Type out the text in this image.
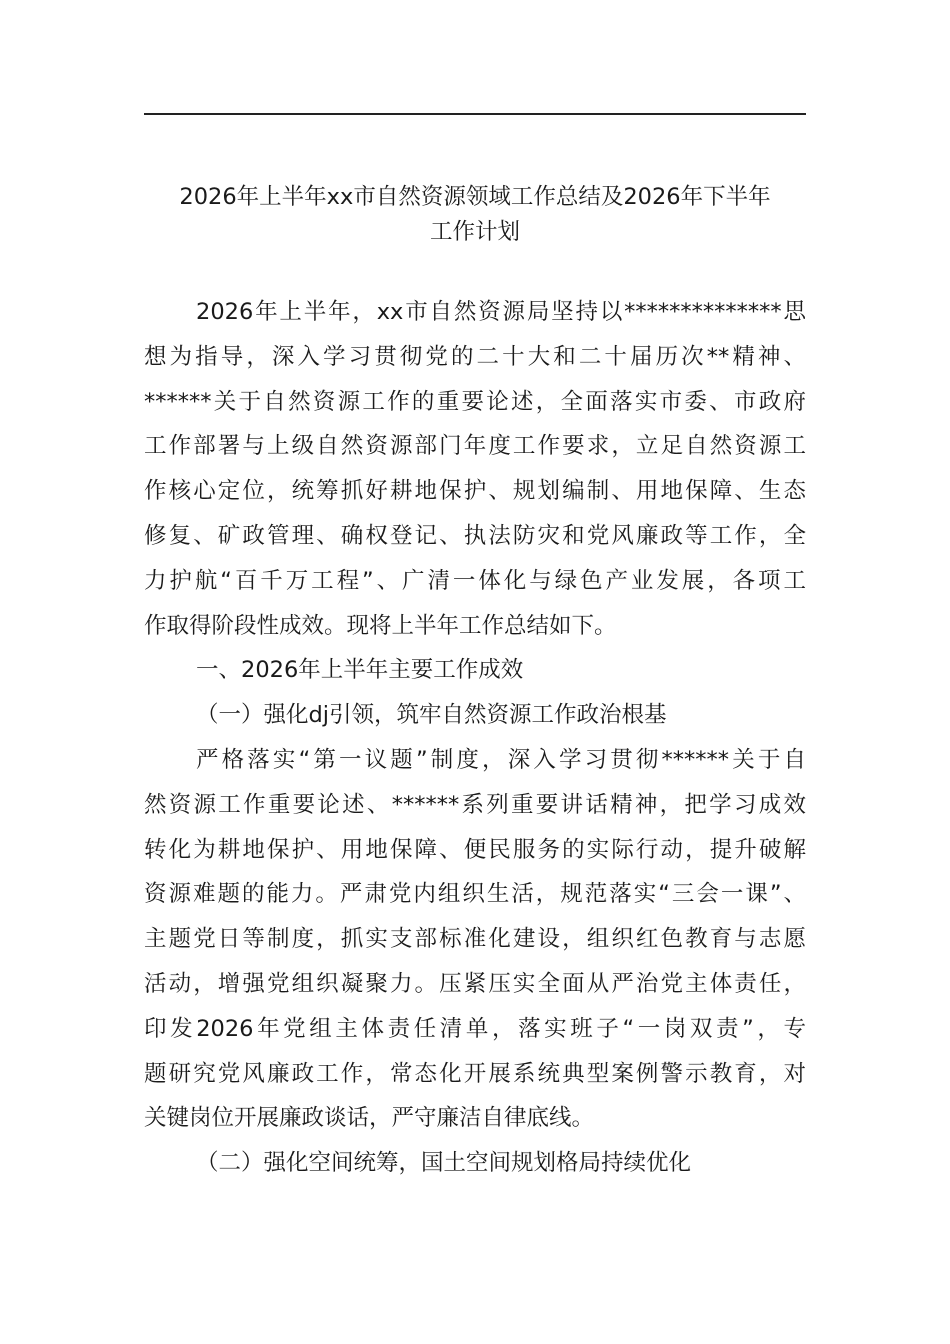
2026年上半年xx市自然资源领域工作总结及2026年下半年
工作计划
2026年上半年，xx市自然资源局坚持以**************思
想为指导，深入学习贯彻党的二十大和二十届历次**精神、
******关于自然资源工作的重要论述，全面落实市委、市政府
工作部署与上级自然资源部门年度工作要求，立足自然资源工
作核心定位，统筹抓好耕地保护、规划编制、用地保障、生态
修复、矿政管理、确权登记、执法防灾和党风廉政等工作，全
力护航“百千万工程”、广清一体化与绿色产业发展，各项工
作取得阶段性成效。现将上半年工作总结如下。
一、2026年上半年主要工作成效
（一）强化dj引领，筑牢自然资源工作政治根基
严格落实“第一议题”制度，深入学习贯彻******关于自
然资源工作重要论述、******系列重要讲话精神，把学习成效
转化为耕地保护、用地保障、便民服务的实际行动，提升破解
资源难题的能力。严肃党内组织生活，规范落实“三会一课”、
主题党日等制度，抓实支部标准化建设，组织红色教育与志愿
活动，增强党组织凝聚力。压紧压实全面从严治党主体责任，
印发2026年党组主体责任清单，落实班子“一岗双责”，专
题研究党风廉政工作，常态化开展系统典型案例警示教育，对
关键岗位开展廉政谈话，严守廉洁自律底线。
（二）强化空间统筹，国土空间规划格局持续优化
